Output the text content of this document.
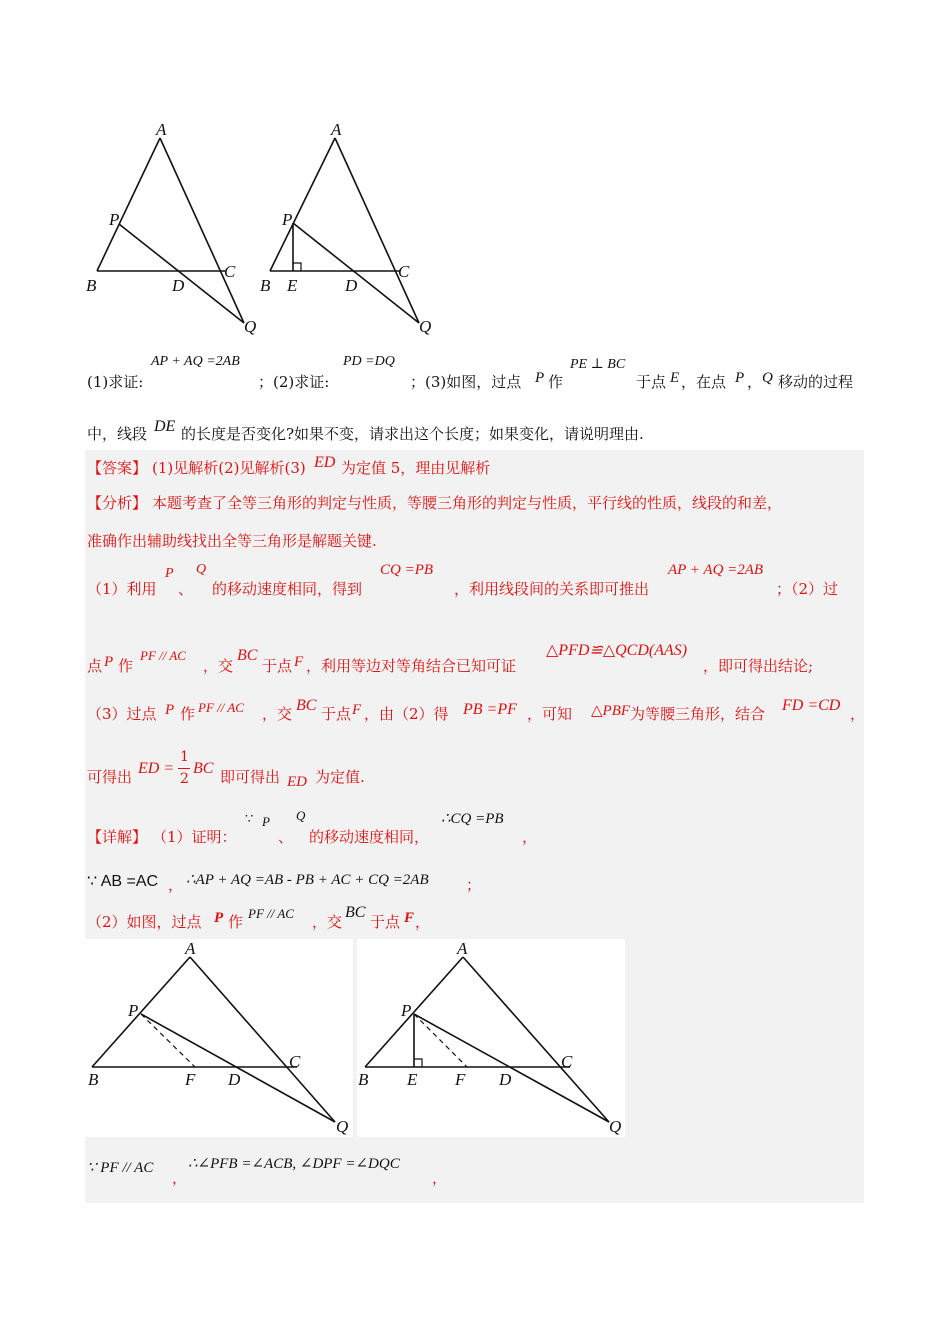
A
P
B	D
C
Q
A
P
B E	D
C
Q
(1)求证:
AP + AQ =2AB
；(2)求证:
PD =DQ
；(3)如图，过点 P 作
PE ⊥ BC
于点 E ，在点 P ， Q 移动的过程
中，线段 DE 的长度是否变化?如果不变，请求出这个长度；如果变化，请说明理由.
【答案】 (1)见解析(2)见解析(3) ED 为定值 5，理由见解析
【分析】 本题考查了全等三角形的判定与性质，等腰三角形的判定与性质，平行线的性质，线段的和差，
准确作出辅助线找出全等三角形是解题关键.
（1）利用
P
、
Q
的移动速度相同，得到
CQ =PB
，利用线段间的关系即可推出
AP + AQ =2AB
；（2）过
点 P 作
PF // AC
，交
BC
于点 F ，利用等边对等角结合已知可证
△PFD≌△QCD(AAS)
，即可得出结论;
（3）过点 P 作 PF // AC ，交 BC 于点 F ，由（2）得 PB =PF ，可知 △PBF 为等腰三角形，结合 FD =CD ，
可得出 ED =
1
2
BC 即可得出 ED 为定值.
【详解】 （1）证明：
∵ P
、
Q
的移动速度相同，
∴CQ =PB
，
∵ AB =AC ， ∴AP + AQ =AB - PB + AC + CQ =2AB ；
（2）如图，过点 P 作 PF // AC ，交
BC
于点 F ，
A
P
B	F D
C
Q
A
P
B E F D
C
Q
∵ PF // AC
，
∴∠PFB =∠ACB, ∠DPF =∠DQC
，
